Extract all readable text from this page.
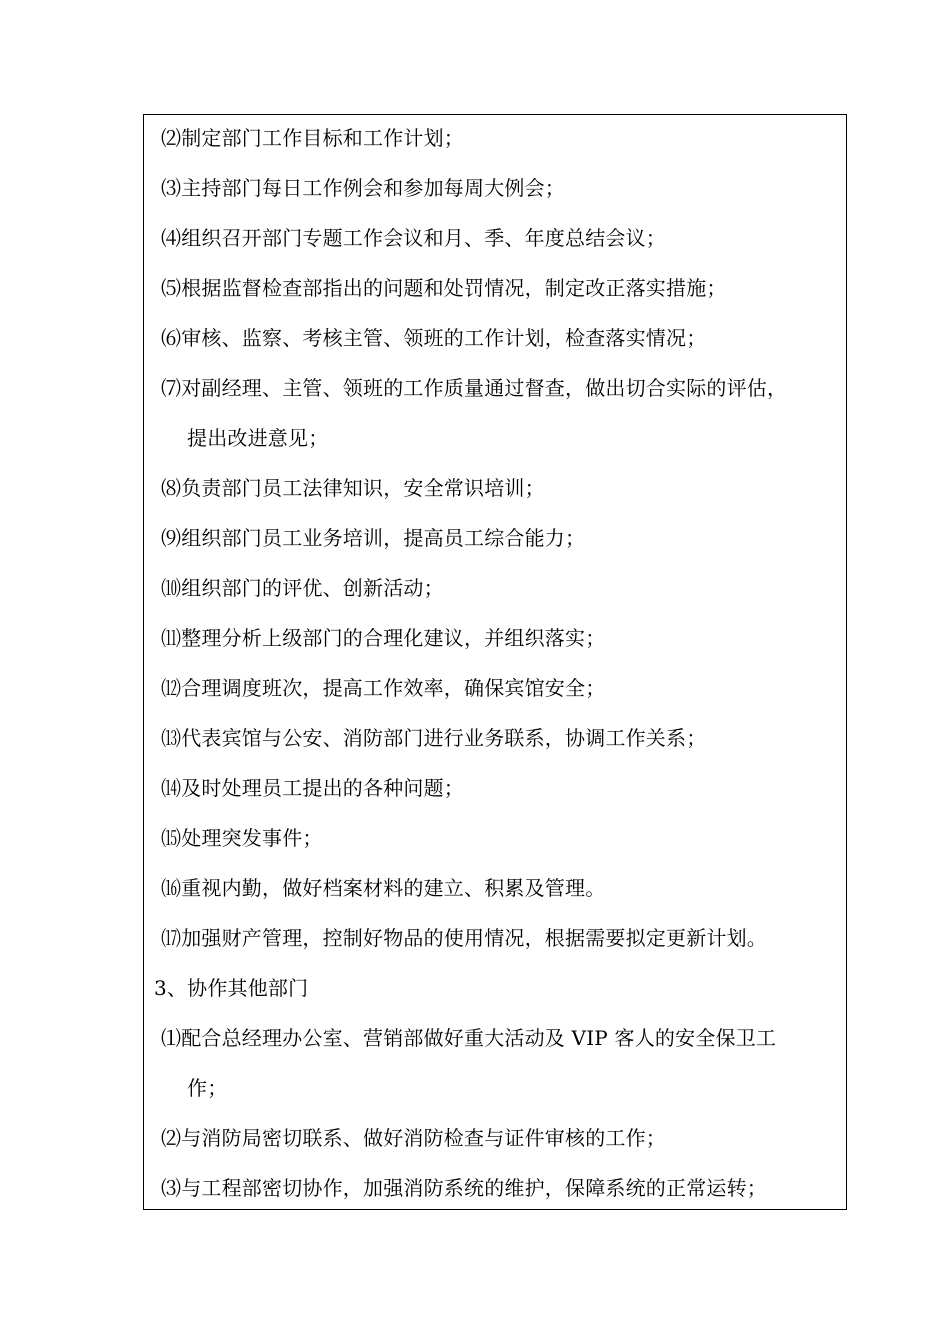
⑵制定部门工作目标和工作计划；
⑶主持部门每日工作例会和参加每周大例会；
⑷组织召开部门专题工作会议和月、季、年度总结会议；
⑸根据监督检查部指出的问题和处罚情况，制定改正落实措施；
⑹审核、监察、考核主管、领班的工作计划，检查落实情况；
⑺对副经理、主管、领班的工作质量通过督查，做出切合实际的评估，
提出改进意见；
⑻负责部门员工法律知识，安全常识培训；
⑼组织部门员工业务培训，提高员工综合能力；
⑽组织部门的评优、创新活动；
⑾整理分析上级部门的合理化建议，并组织落实；
⑿合理调度班次，提高工作效率，确保宾馆安全；
⒀代表宾馆与公安、消防部门进行业务联系，协调工作关系；
⒁及时处理员工提出的各种问题；
⒂处理突发事件；
⒃重视内勤，做好档案材料的建立、积累及管理。
⒄加强财产管理，控制好物品的使用情况，根据需要拟定更新计划。
3、协作其他部门
⑴配合总经理办公室、营销部做好重大活动及 VIP 客人的安全保卫工
作；
⑵与消防局密切联系、做好消防检查与证件审核的工作；
⑶与工程部密切协作，加强消防系统的维护，保障系统的正常运转；
